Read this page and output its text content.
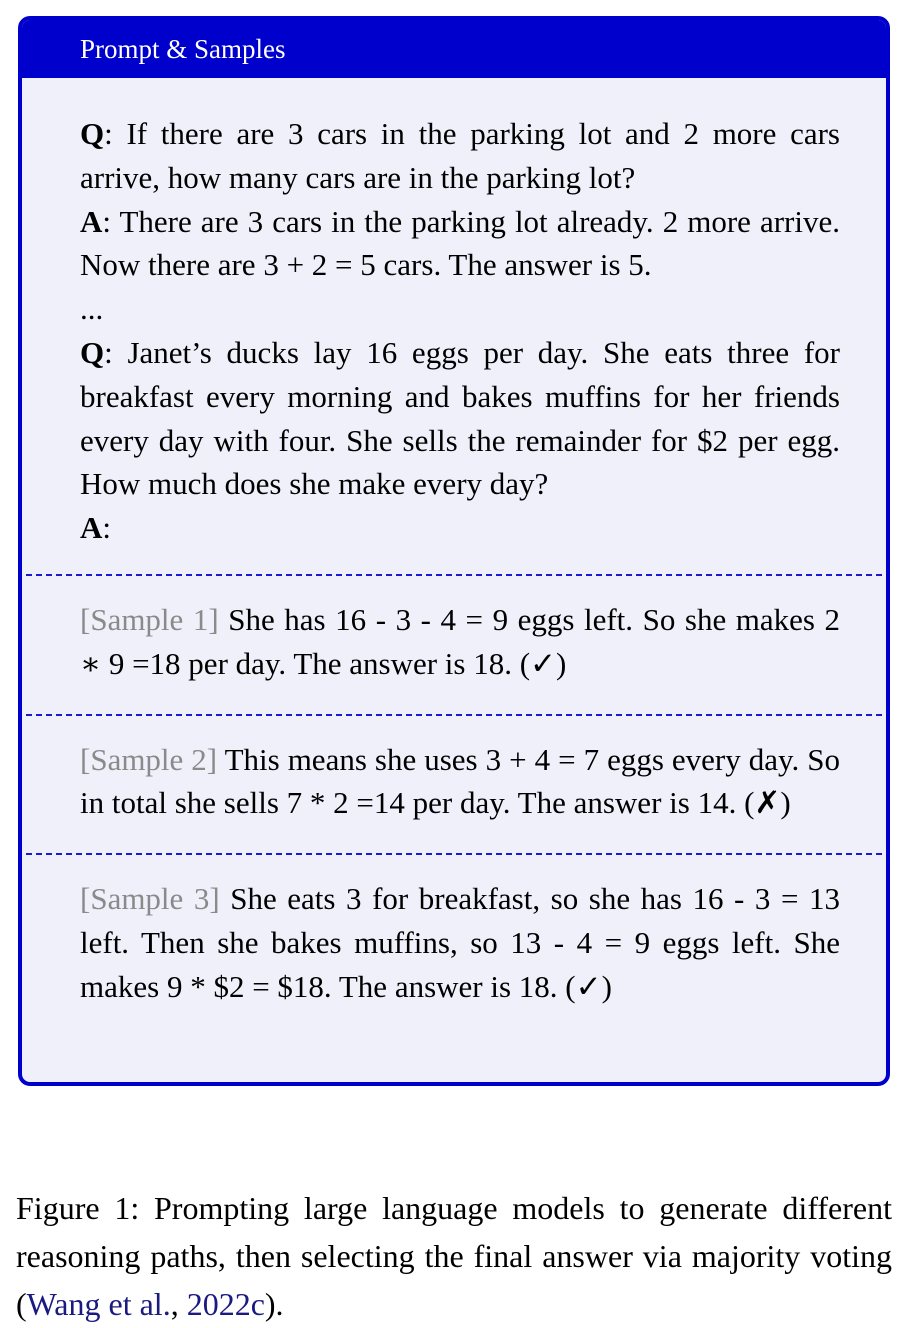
Prompt & Samples

Q: If there are 3 cars in the parking lot and 2 more cars arrive, how many cars are in the parking lot?

A: There are 3 cars in the parking lot already. 2 more arrive. Now there are 3 + 2 = 5 cars. The answer is 5.

...

Q: Janet’s ducks lay 16 eggs per day. She eats three for breakfast every morning and bakes muffins for her friends every day with four. She sells the remainder for $2 per egg. How much does she make every day?

A:

[Sample 1] She has 16 - 3 - 4 = 9 eggs left. So she makes 2 ∗ 9 =18 per day. The answer is 18. (✓)

[Sample 2] This means she uses 3 + 4 = 7 eggs every day. So in total she sells 7 * 2 =14 per day. The answer is 14. (✗)

[Sample 3] She eats 3 for breakfast, so she has 16 - 3 = 13 left. Then she bakes muffins, so 13 - 4 = 9 eggs left. She makes 9 * $2 = $18. The answer is 18. (✓)

Figure 1: Prompting large language models to generate different reasoning paths, then selecting the final answer via majority voting (Wang et al., 2022c).
